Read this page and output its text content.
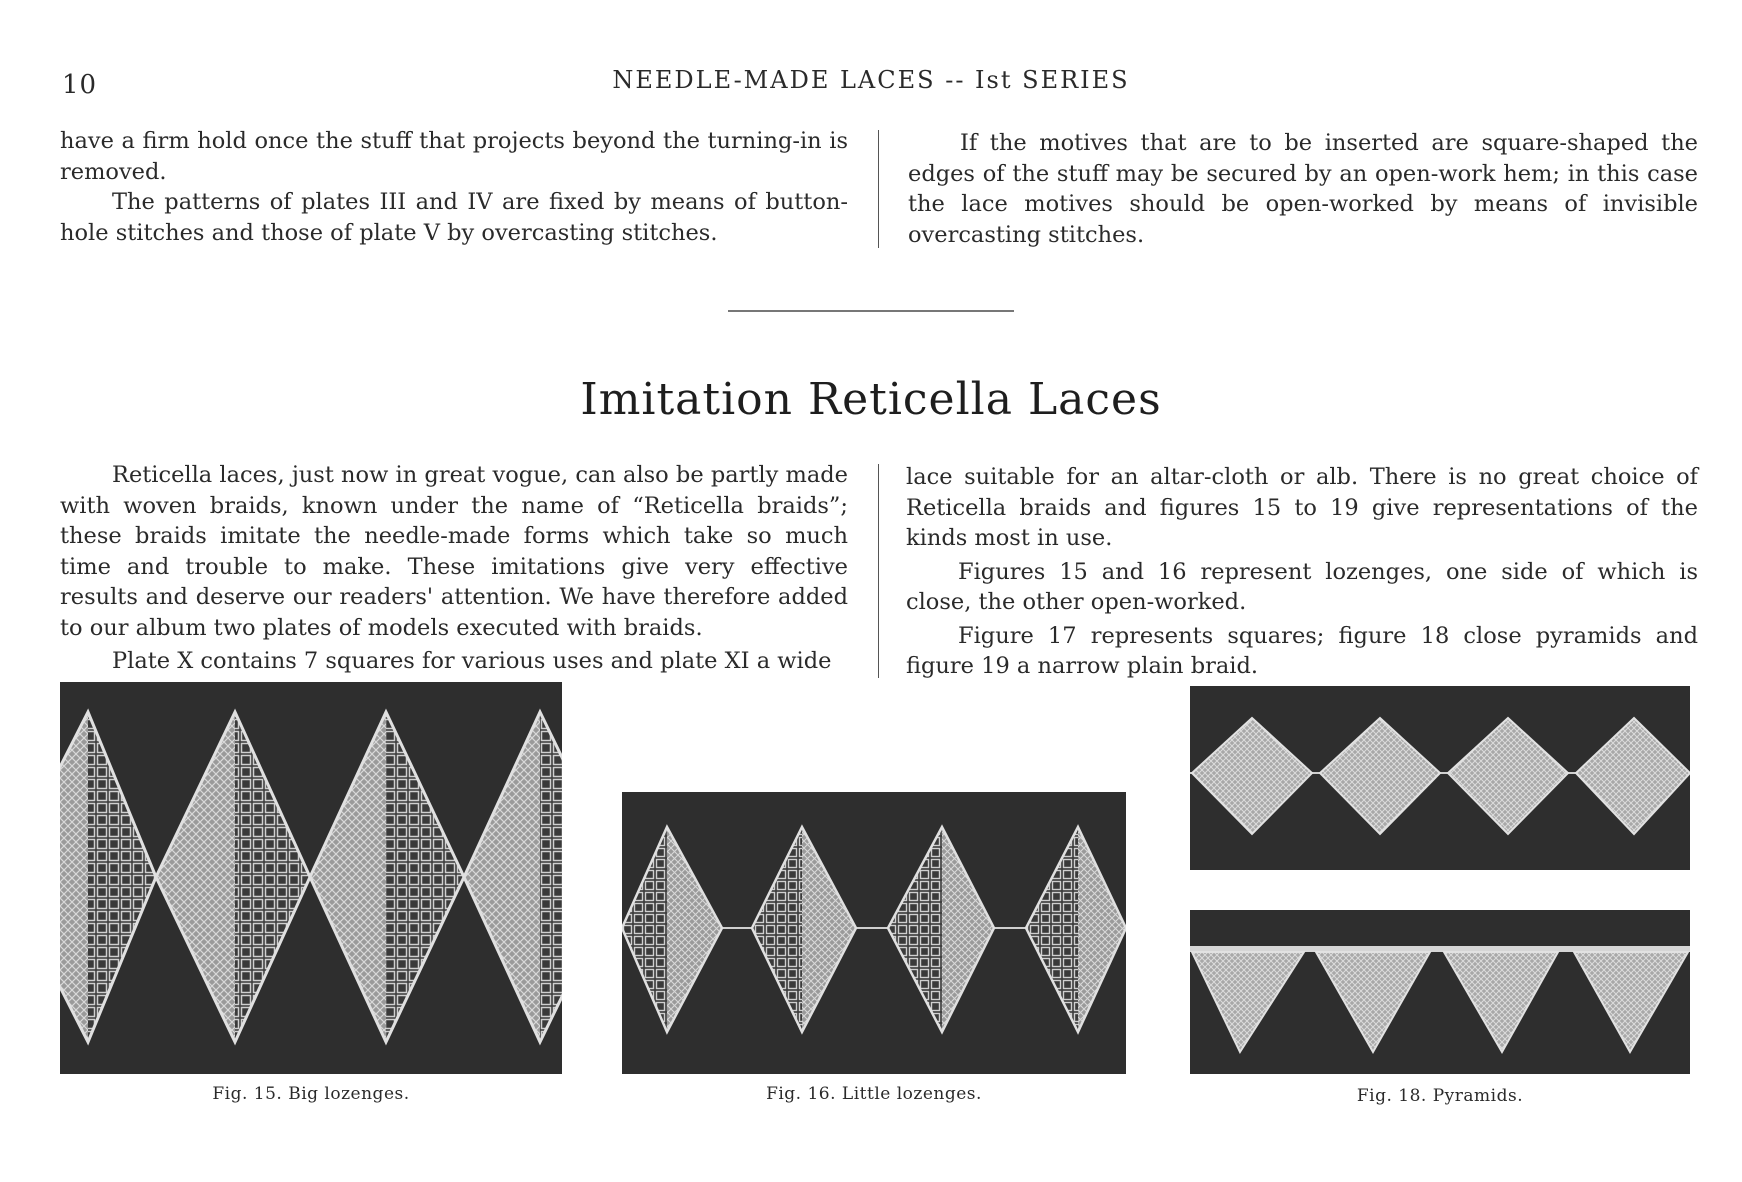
10	NEEDLE-MADE LACES -- Ist SERIES

have a firm hold once the stuff that projects beyond the turning-in is removed.

The patterns of plates III and IV are fixed by means of button-hole stitches and those of plate V by overcasting stitches.

If the motives that are to be inserted are square-shaped the edges of the stuff may be secured by an open-work hem; in this case the lace motives should be open-worked by means of invisible overcasting stitches.

Imitation Reticella Laces

Reticella laces, just now in great vogue, can also be partly made with woven braids, known under the name of “Reticella braids”; these braids imitate the needle-made forms which take so much time and trouble to make. These imitations give very effective results and deserve our readers' attention. We have therefore added to our album two plates of models executed with braids.

Plate X contains 7 squares for various uses and plate XI a wide

lace suitable for an altar-cloth or alb. There is no great choice of Reticella braids and figures 15 to 19 give representations of the kinds most in use.

Figures 15 and 16 represent lozenges, one side of which is close, the other open-worked.

Figure 17 represents squares; figure 18 close pyramids and figure 19 a narrow plain braid.

Fig. 15. Big lozenges.	Fig. 16. Little lozenges.	Fig. 18. Pyramids.
